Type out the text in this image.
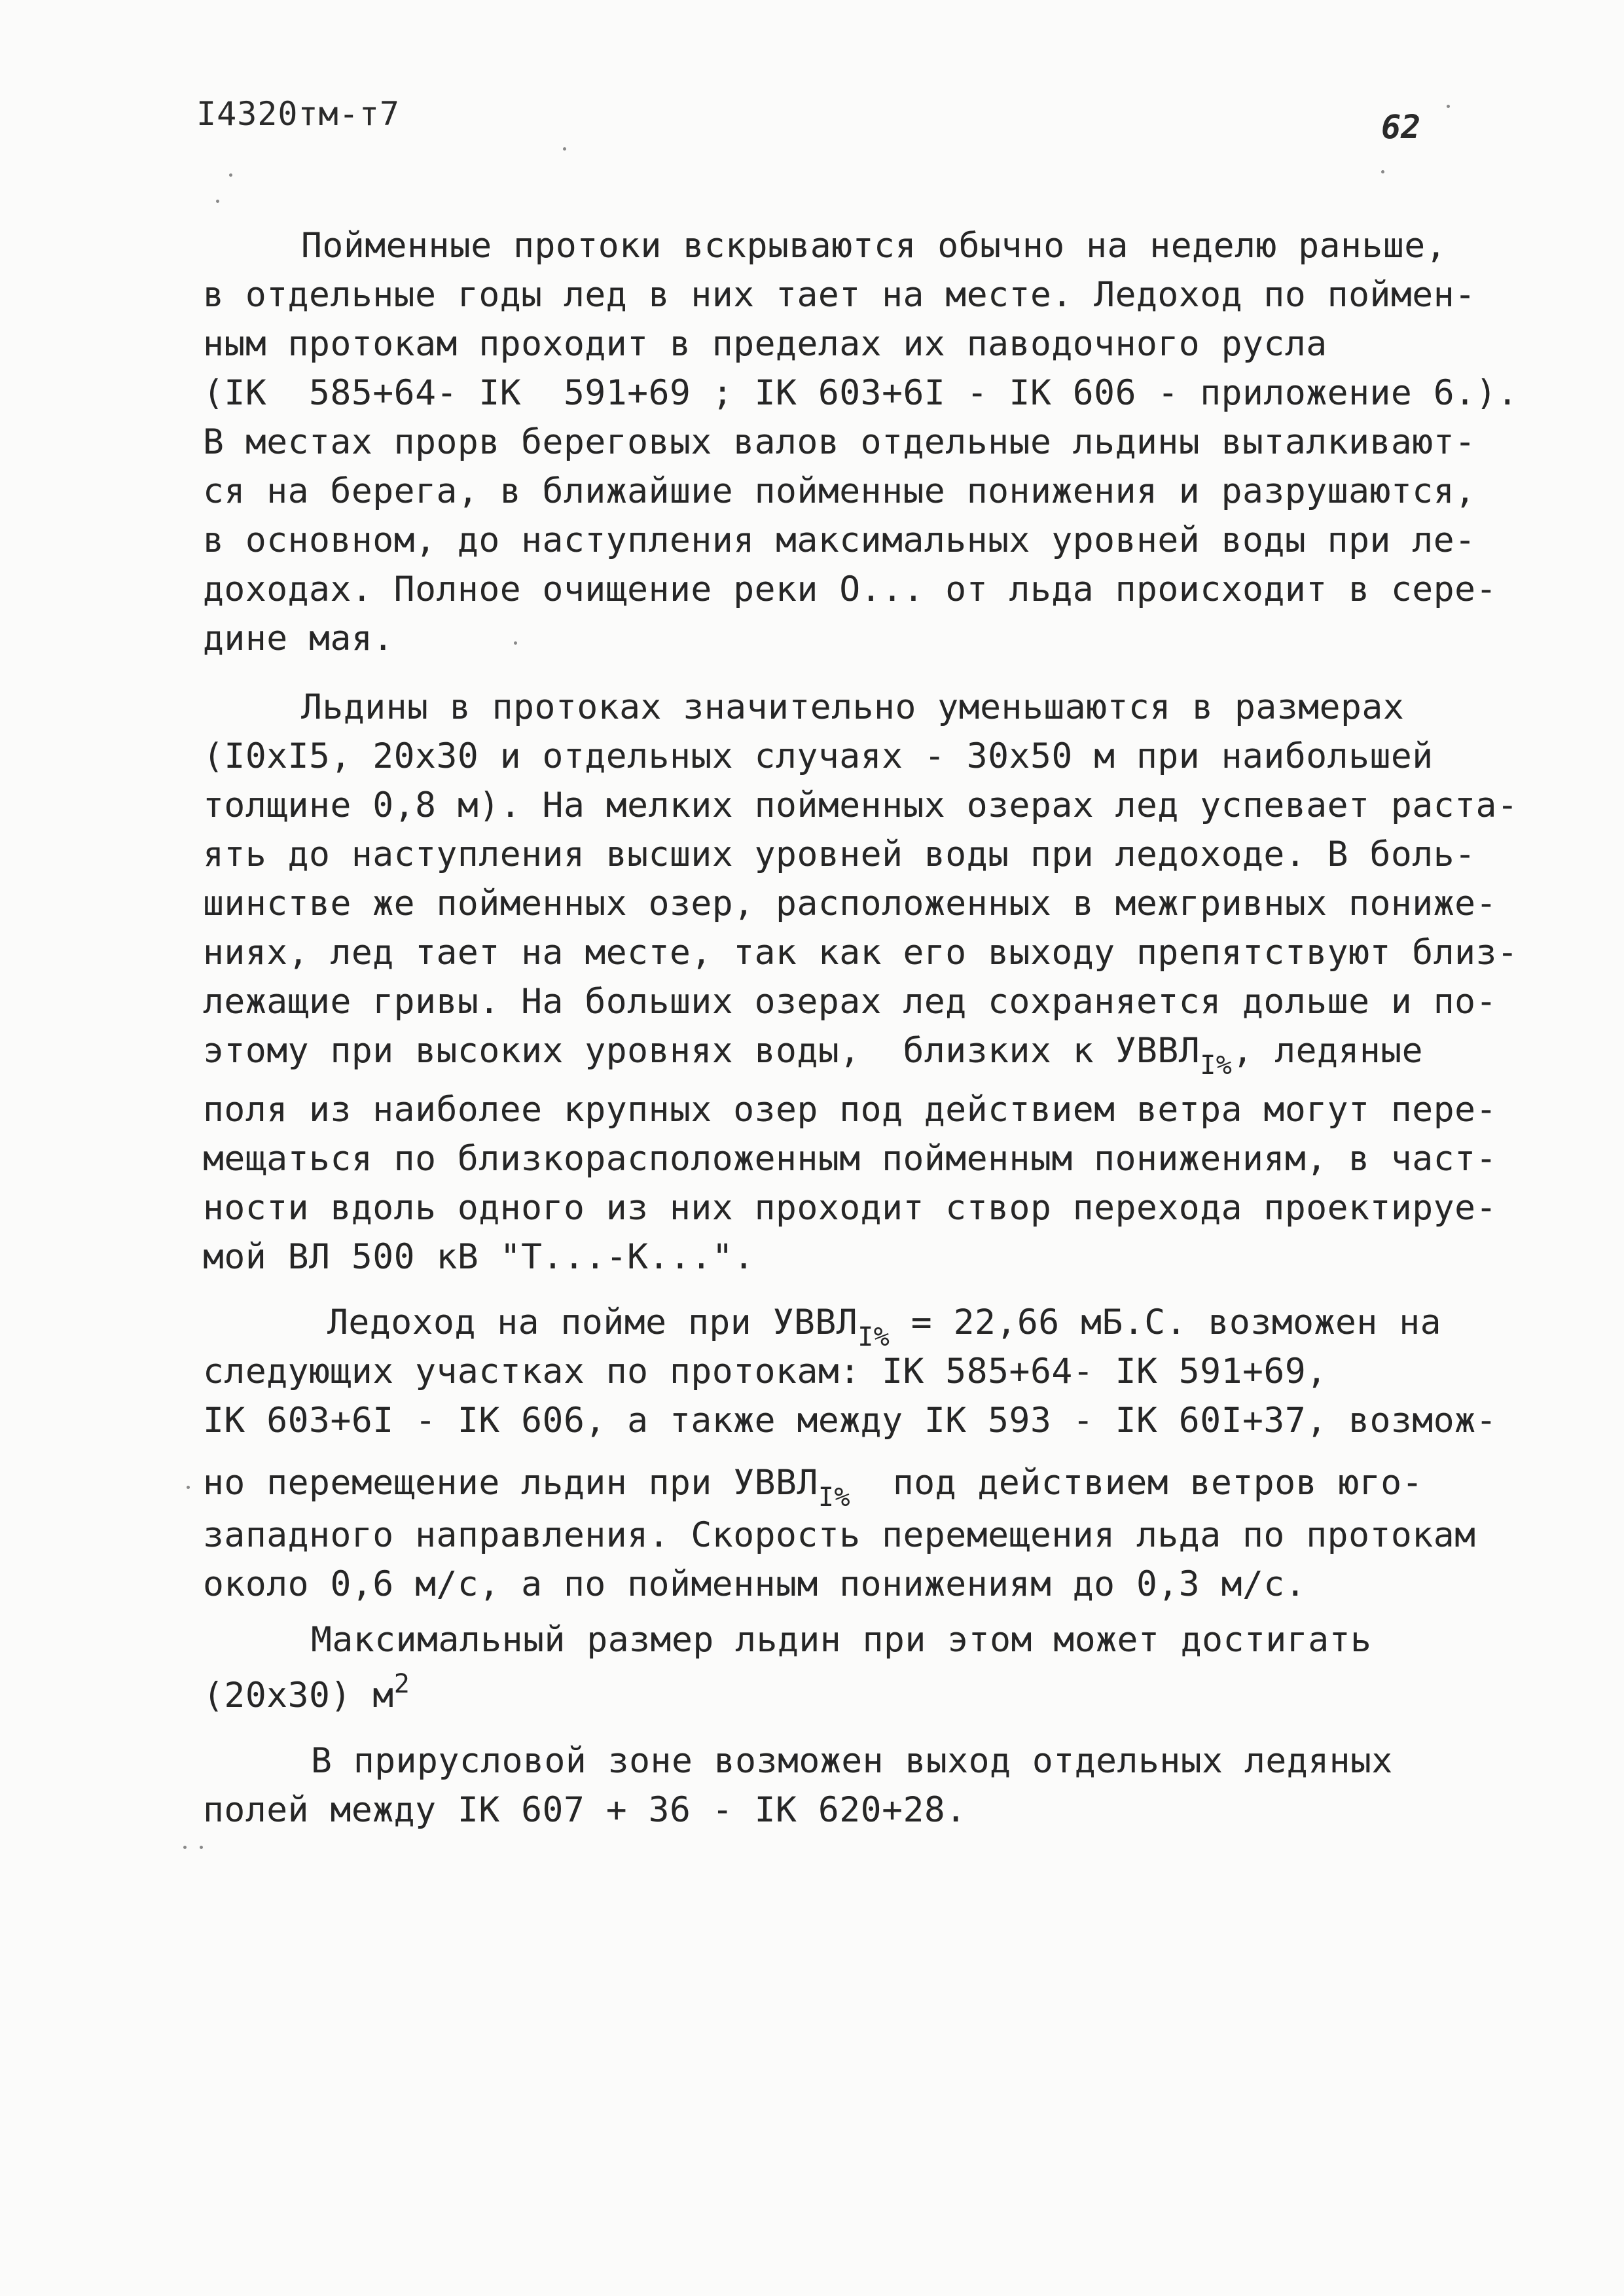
I4320тм-т7	62
Пойменные протоки вскрываются обычно на неделю раньше,
в отдельные годы лед в них тает на месте. Ледоход по поймен-
ным протокам проходит в пределах их паводочного русла
(IК  585+64- IК  591+69 ; IК 603+6I - IК 606 - приложение 6.).
В местах прорв береговых валов отдельные льдины выталкивают-
ся на берега, в ближайшие пойменные понижения и разрушаются,
в основном, до наступления максимальных уровней воды при ле-
доходах. Полное очищение реки О... от льда происходит в сере-
дине мая.
Льдины в протоках значительно уменьшаются в размерах
(I0хI5, 20х30 и отдельных случаях - 30х50 м при наибольшей
толщине 0,8 м). На мелких пойменных озерах лед успевает раста-
ять до наступления высших уровней воды при ледоходе. В боль-
шинстве же пойменных озер, расположенных в межгривных пониже-
ниях, лед тает на месте, так как его выходу препятствуют близ-
лежащие гривы. На больших озерах лед сохраняется дольше и по-
этому при высоких уровнях воды,  близких к $УВВЛ_{I\%}$, ледяные
поля из наиболее крупных озер под действием ветра могут пере-
мещаться по близкорасположенным пойменным понижениям, в част-
ности вдоль одного из них проходит створ перехода проектируе-
мой ВЛ 500 кВ "Т...-К...".
Ледоход на пойме при $УВВЛ_{I\%} = 22,66$ мБ.С. возможен на
следующих участках по протокам: IК 585+64- IК 591+69,
IК 603+6I - IК 606, а также между IК 593 - IК 60I+37, возмож-
но перемещение льдин при $УВВЛ_{I\%}$  под действием ветров юго-
западного направления. Скорость перемещения льда по протокам
около 0,6 м/с, а по пойменным понижениям до 0,3 м/с.
Максимальный размер льдин при этом может достигать
(20х30) $м^2$
В прирусловой зоне возможен выход отдельных ледяных
полей между IК 607 + 36 - IК 620+28.
